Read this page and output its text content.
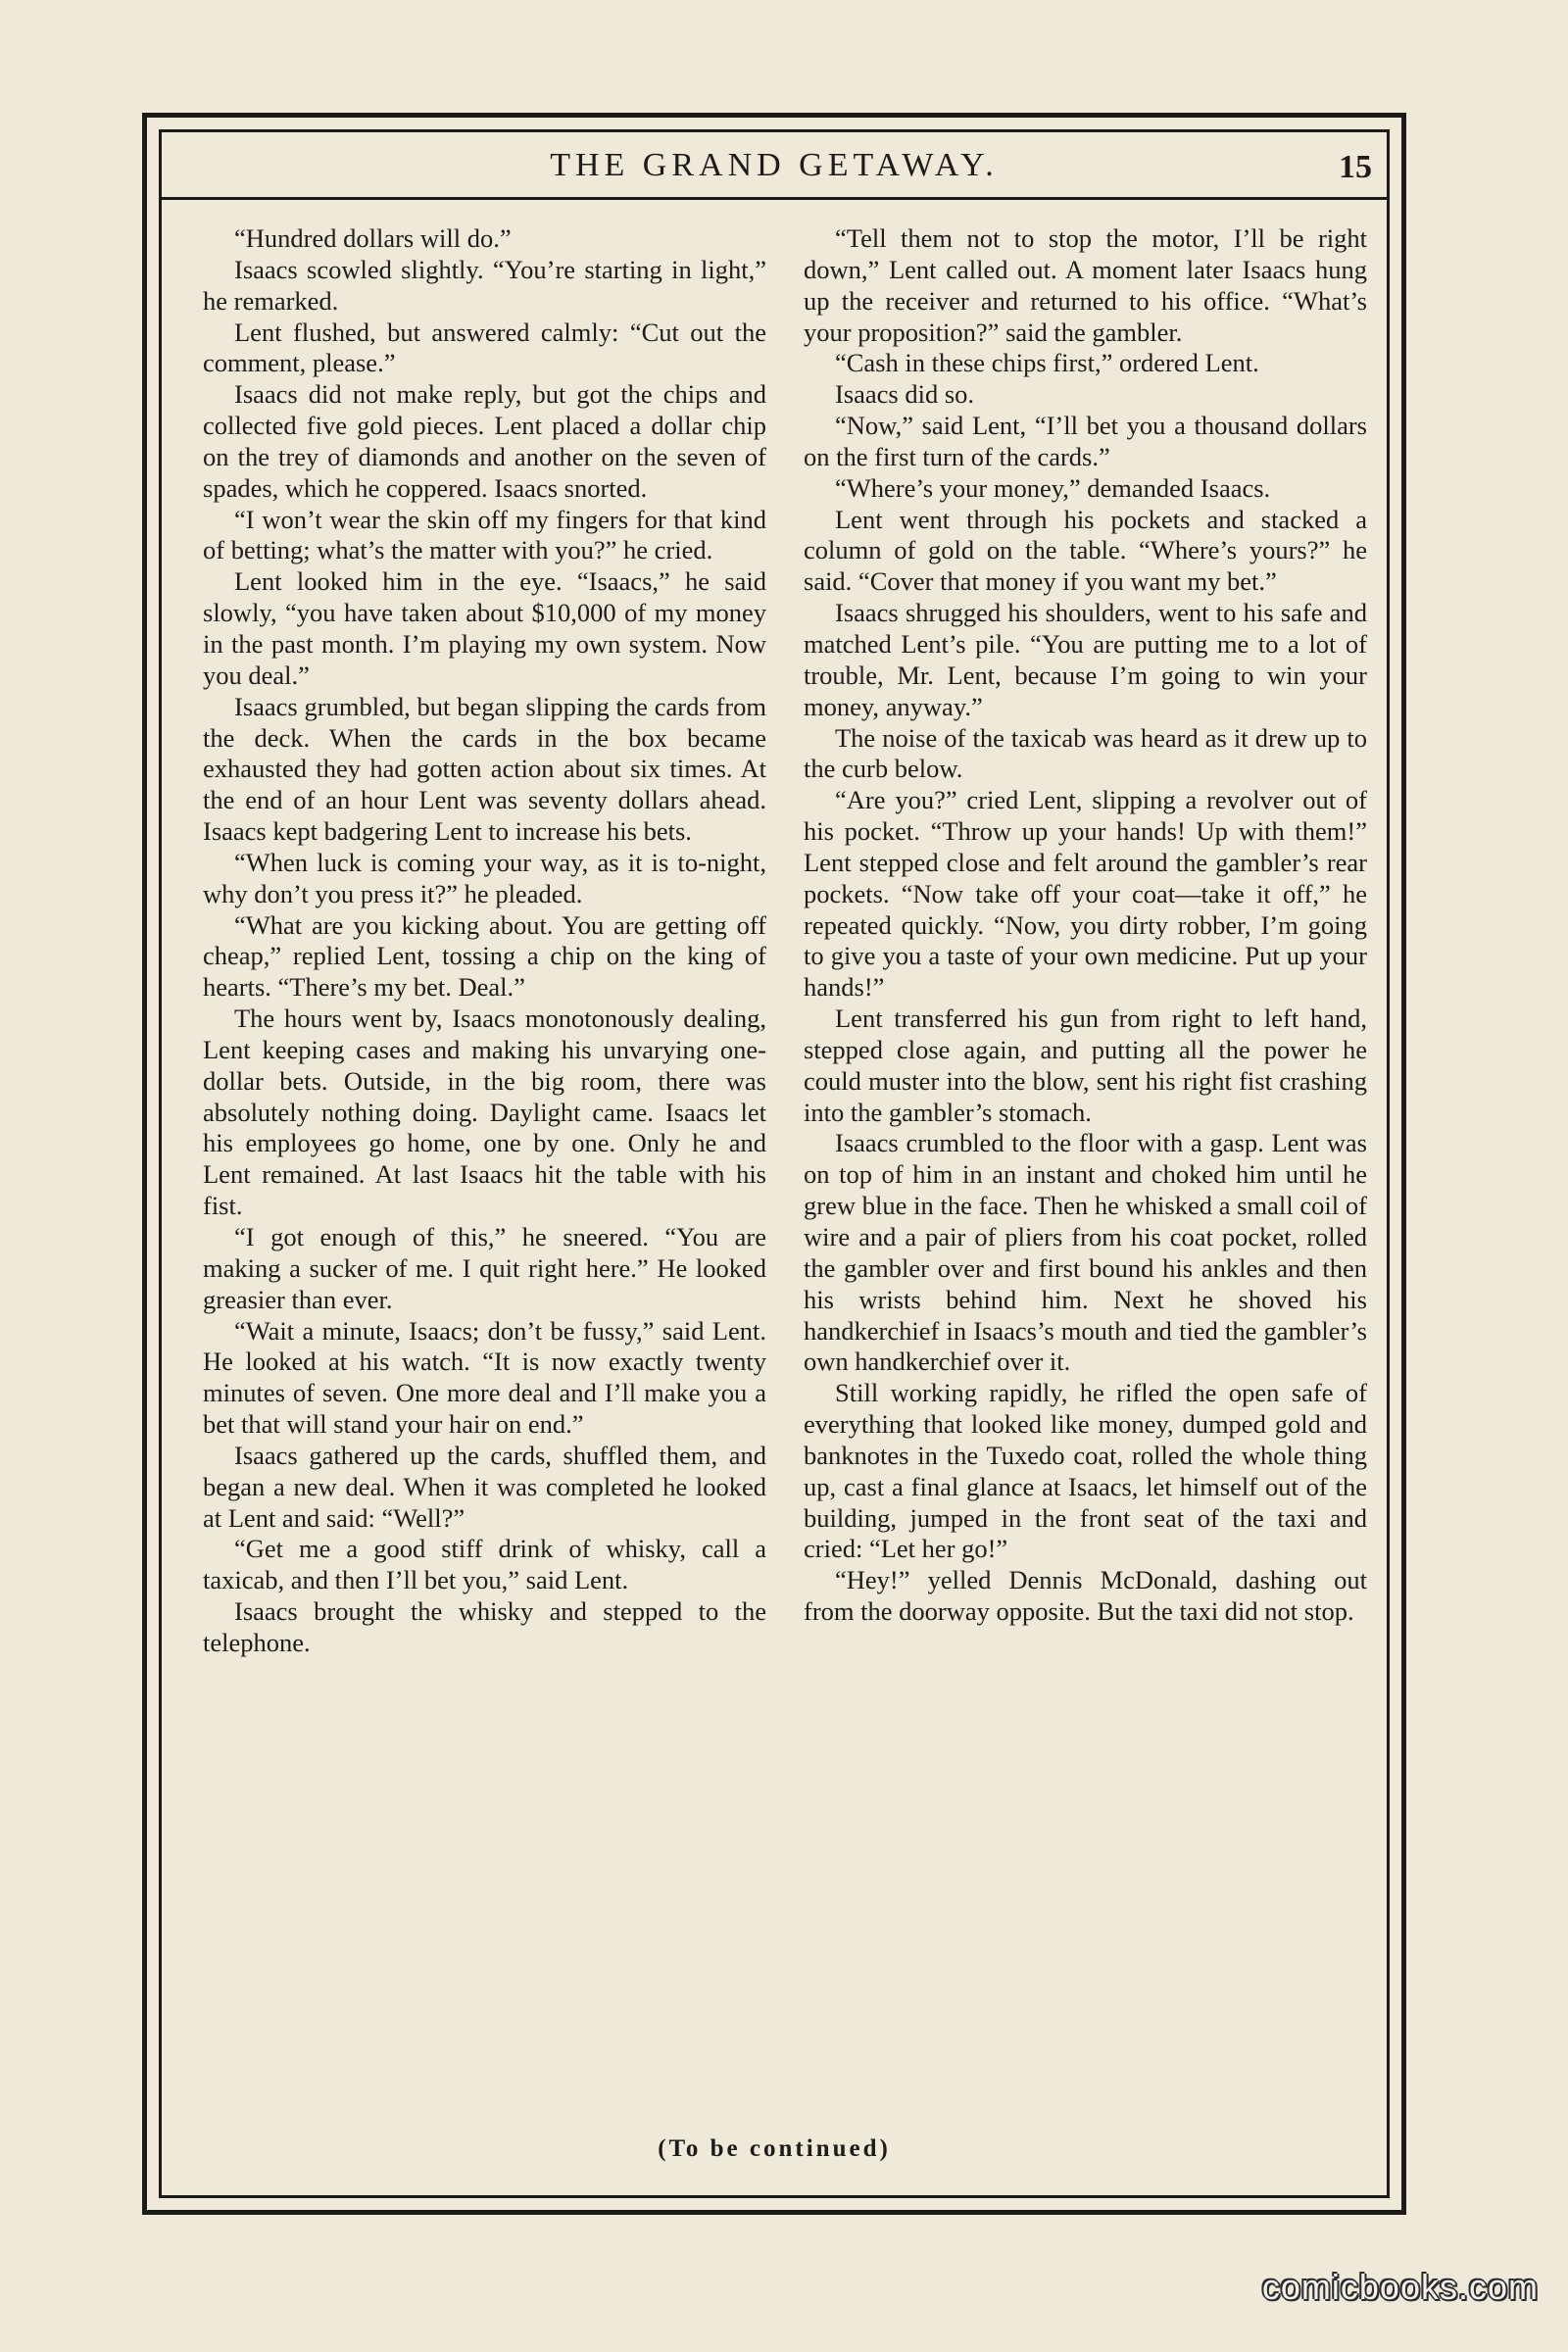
THE GRAND GETAWAY.	15

“Hundred dollars will do.”

Isaacs scowled slightly. “You’re starting in light,” he remarked.

Lent flushed, but answered calmly: “Cut out the comment, please.”

Isaacs did not make reply, but got the chips and collected five gold pieces. Lent placed a dollar chip on the trey of diamonds and another on the seven of spades, which he coppered. Isaacs snorted.

“I won’t wear the skin off my fingers for that kind of betting; what’s the matter with you?” he cried.

Lent looked him in the eye. “Isaacs,” he said slowly, “you have taken about $10,000 of my money in the past month. I’m playing my own system. Now you deal.”

Isaacs grumbled, but began slipping the cards from the deck. When the cards in the box became exhausted they had gotten action about six times. At the end of an hour Lent was seventy dollars ahead. Isaacs kept badgering Lent to increase his bets.

“When luck is coming your way, as it is to-night, why don’t you press it?” he pleaded.

“What are you kicking about. You are getting off cheap,” replied Lent, tossing a chip on the king of hearts. “There’s my bet. Deal.”

The hours went by, Isaacs monotonously dealing, Lent keeping cases and making his unvarying one-dollar bets. Outside, in the big room, there was absolutely nothing doing. Daylight came. Isaacs let his employees go home, one by one. Only he and Lent remained. At last Isaacs hit the table with his fist.

“I got enough of this,” he sneered. “You are making a sucker of me. I quit right here.” He looked greasier than ever.

“Wait a minute, Isaacs; don’t be fussy,” said Lent. He looked at his watch. “It is now exactly twenty minutes of seven. One more deal and I’ll make you a bet that will stand your hair on end.”

Isaacs gathered up the cards, shuffled them, and began a new deal. When it was completed he looked at Lent and said: “Well?”

“Get me a good stiff drink of whisky, call a taxicab, and then I’ll bet you,” said Lent.

Isaacs brought the whisky and stepped to the telephone.

“Tell them not to stop the motor, I’ll be right down,” Lent called out. A moment later Isaacs hung up the receiver and returned to his office. “What’s your proposition?” said the gambler.

“Cash in these chips first,” ordered Lent.

Isaacs did so.

“Now,” said Lent, “I’ll bet you a thousand dollars on the first turn of the cards.”

“Where’s your money,” demanded Isaacs.

Lent went through his pockets and stacked a column of gold on the table. “Where’s yours?” he said. “Cover that money if you want my bet.”

Isaacs shrugged his shoulders, went to his safe and matched Lent’s pile. “You are putting me to a lot of trouble, Mr. Lent, because I’m going to win your money, anyway.”

The noise of the taxicab was heard as it drew up to the curb below.

“Are you?” cried Lent, slipping a revolver out of his pocket. “Throw up your hands! Up with them!” Lent stepped close and felt around the gambler’s rear pockets. “Now take off your coat—take it off,” he repeated quickly. “Now, you dirty robber, I’m going to give you a taste of your own medicine. Put up your hands!”

Lent transferred his gun from right to left hand, stepped close again, and putting all the power he could muster into the blow, sent his right fist crashing into the gambler’s stomach.

Isaacs crumbled to the floor with a gasp. Lent was on top of him in an instant and choked him until he grew blue in the face. Then he whisked a small coil of wire and a pair of pliers from his coat pocket, rolled the gambler over and first bound his ankles and then his wrists behind him. Next he shoved his handkerchief in Isaacs’s mouth and tied the gambler’s own handkerchief over it.

Still working rapidly, he rifled the open safe of everything that looked like money, dumped gold and banknotes in the Tuxedo coat, rolled the whole thing up, cast a final glance at Isaacs, let himself out of the building, jumped in the front seat of the taxi and cried: “Let her go!”

“Hey!” yelled Dennis McDonald, dashing out from the doorway opposite. But the taxi did not stop.

(To be continued)
comicbooks.com
